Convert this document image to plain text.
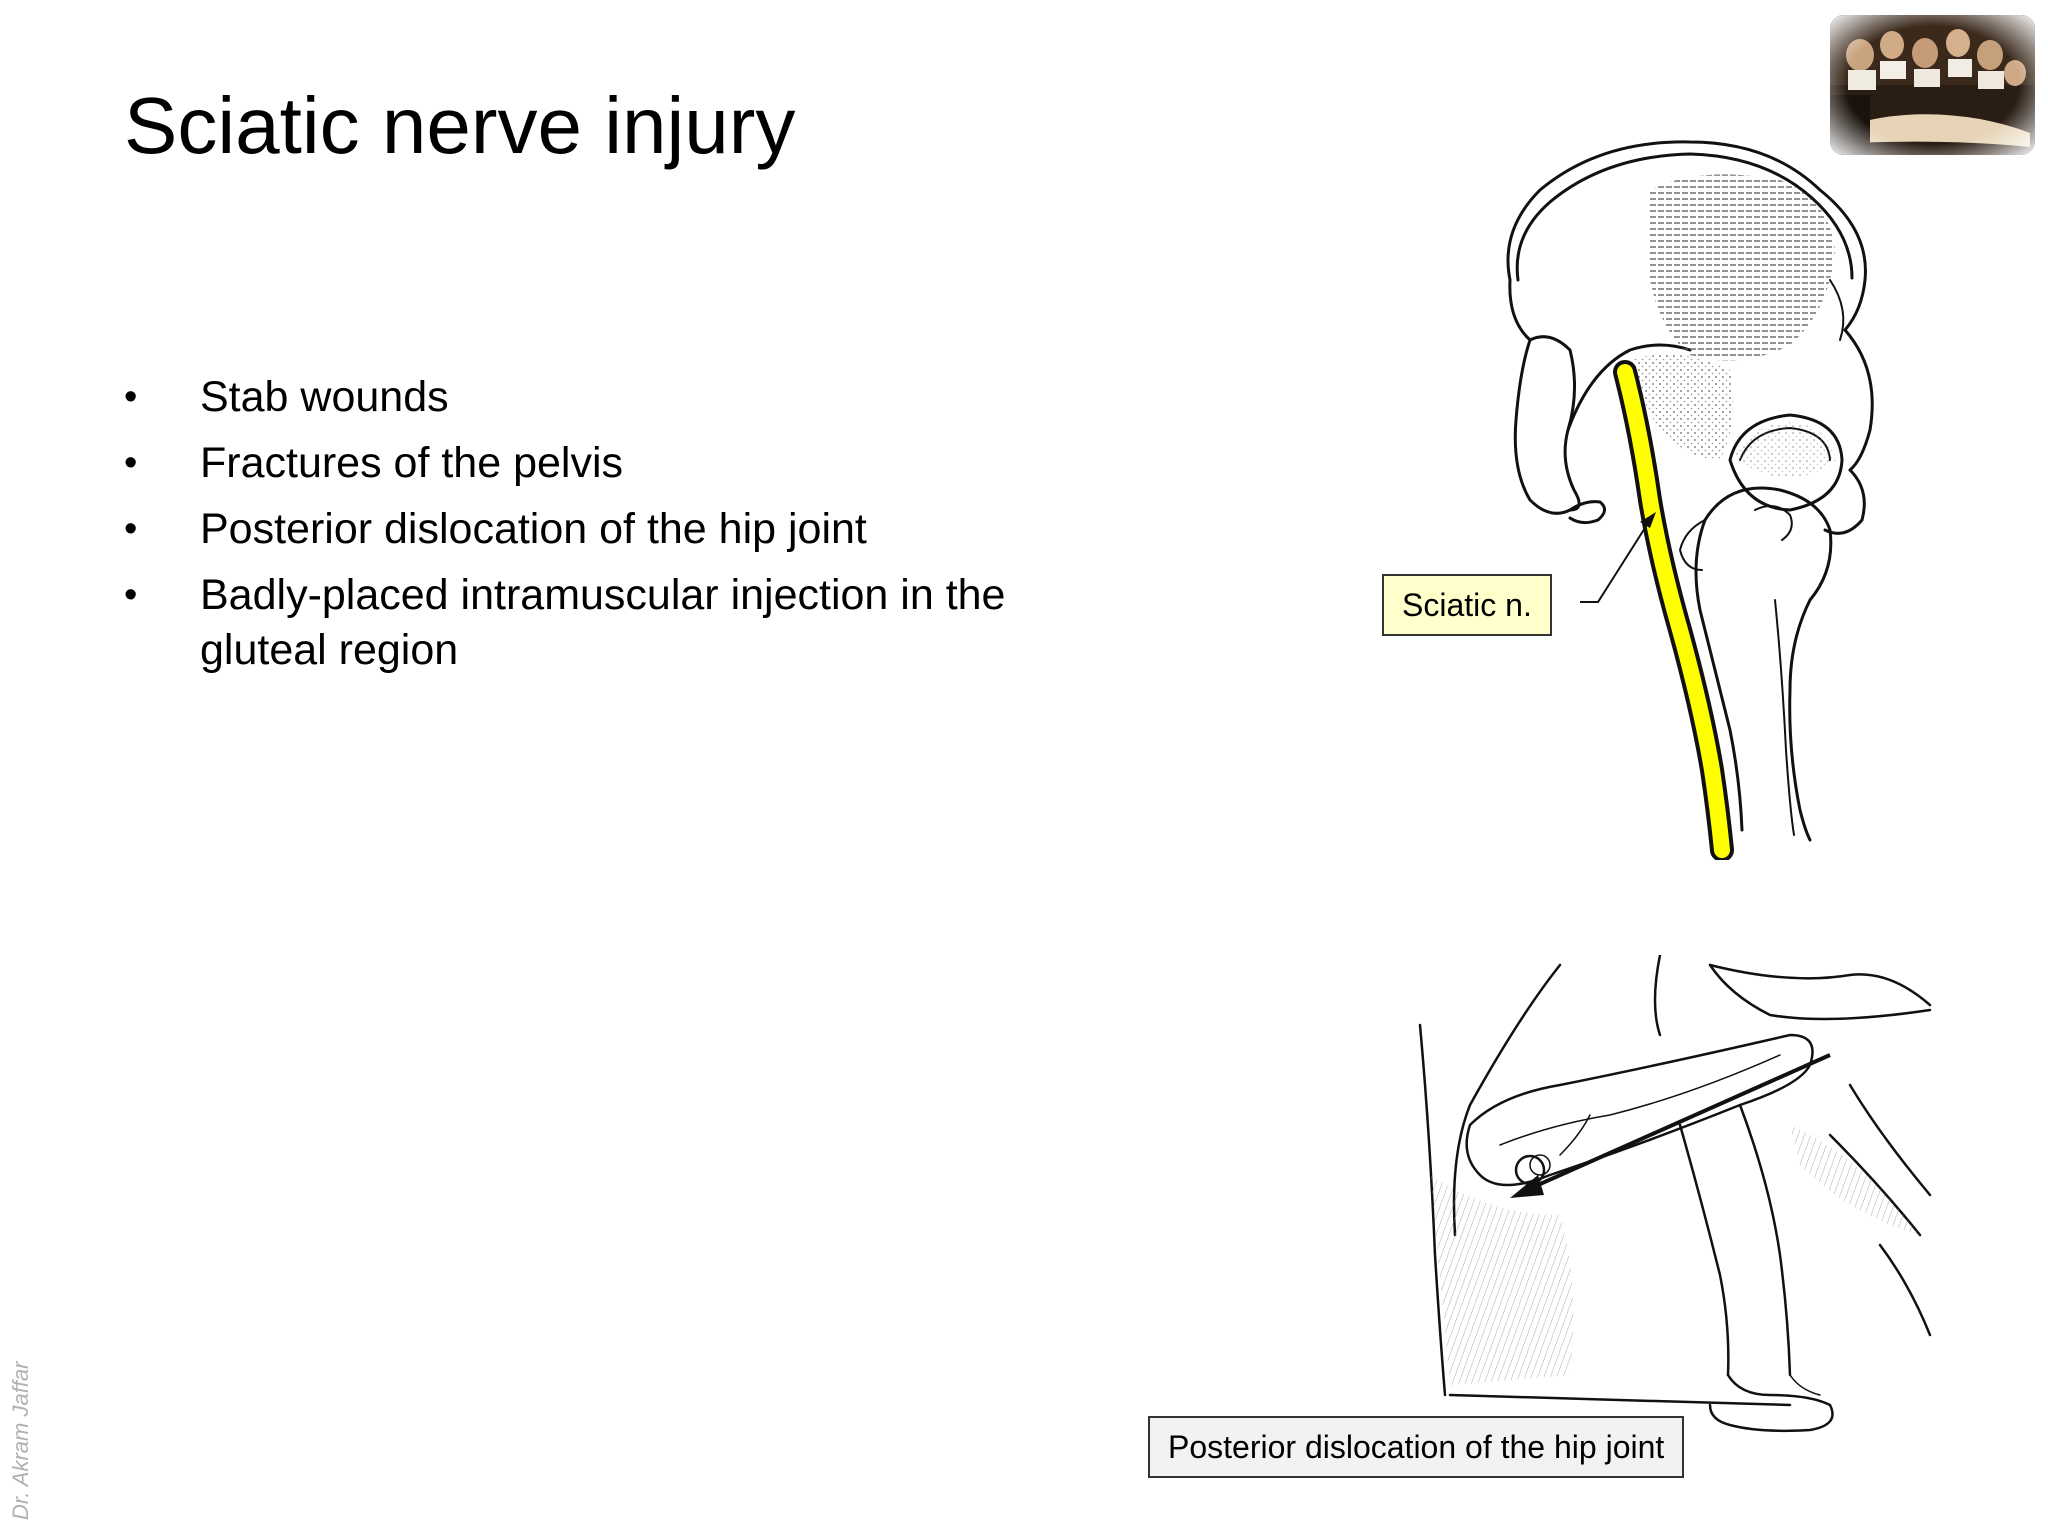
Sciatic nerve injury
• Stab wounds
• Fractures of the pelvis
• Posterior dislocation of the hip joint
• Badly-placed intramuscular injection in the gluteal region
Sciatic n.
Posterior dislocation of the hip joint
Dr. Akram Jaffar
